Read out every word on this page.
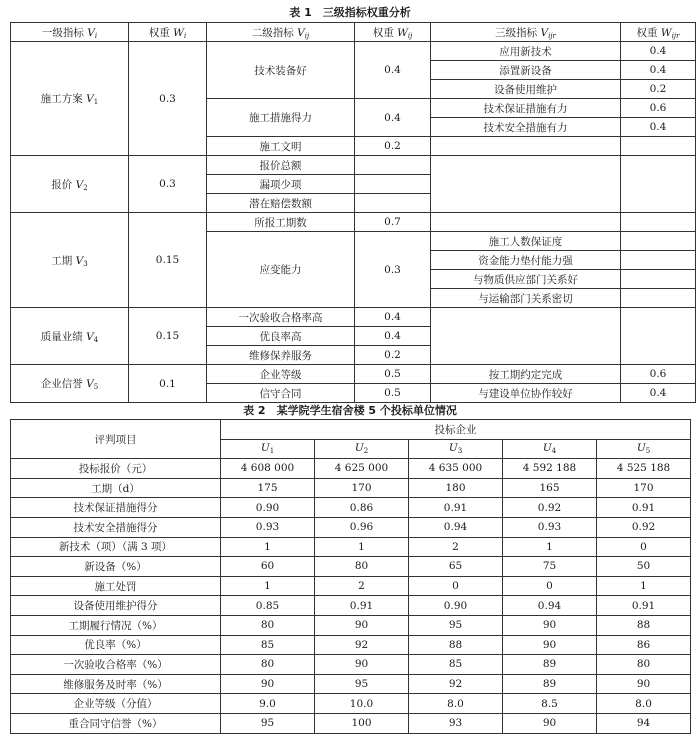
表 1　三级指标权重分析
一级指标 $V_i$	权重 $W_i$	二级指标 $V_{ij}$	权重 $W_{ij}$	三级指标 $V_{ijr}$	权重 $W_{ijr}$
施工方案 $V_1$	0.3	技术装备好	0.4	应用新技术	0.4
				添置新设备	0.4
				设备使用维护	0.2
		施工措施得力	0.4	技术保证措施有力	0.6
				技术安全措施有力	0.4
		施工文明	0.2		
报价 $V_2$	0.3	报价总额			
		漏项少项			
		潜在赔偿数额			
工期 $V_3$	0.15	所报工期数	0.7		
		应变能力	0.3	施工人数保证度	
				资金能力垫付能力强	
				与物质供应部门关系好	
				与运输部门关系密切	
质量业绩 $V_4$	0.15	一次验收合格率高	0.4		
		优良率高	0.4		
		维修保养服务	0.2		
企业信誉 $V_5$	0.1	企业等级	0.5	按工期约定完成	0.6
		信守合同	0.5	与建设单位协作较好	0.4
表 2　某学院学生宿舍楼 5 个投标单位情况
评判项目	投标企业				
	$U_1$	$U_2$	$U_3$	$U_4$	$U_5$
投标报价（元）	4 608 000	4 625 000	4 635 000	4 592 188	4 525 188
工期（d）	175	170	180	165	170
技术保证措施得分	0.90	0.86	0.91	0.92	0.91
技术安全措施得分	0.93	0.96	0.94	0.93	0.92
新技术（项）（满 3 项）	1	1	2	1	0
新设备（%）	60	80	65	75	50
施工处罚	1	2	0	0	1
设备使用维护得分	0.85	0.91	0.90	0.94	0.91
工期履行情况（%）	80	90	95	90	88
优良率（%）	85	92	88	90	86
一次验收合格率（%）	80	90	85	89	80
维修服务及时率（%）	90	95	92	89	90
企业等级（分值）	9.0	10.0	8.0	8.5	8.0
重合同守信誉（%）	95	100	93	90	94
